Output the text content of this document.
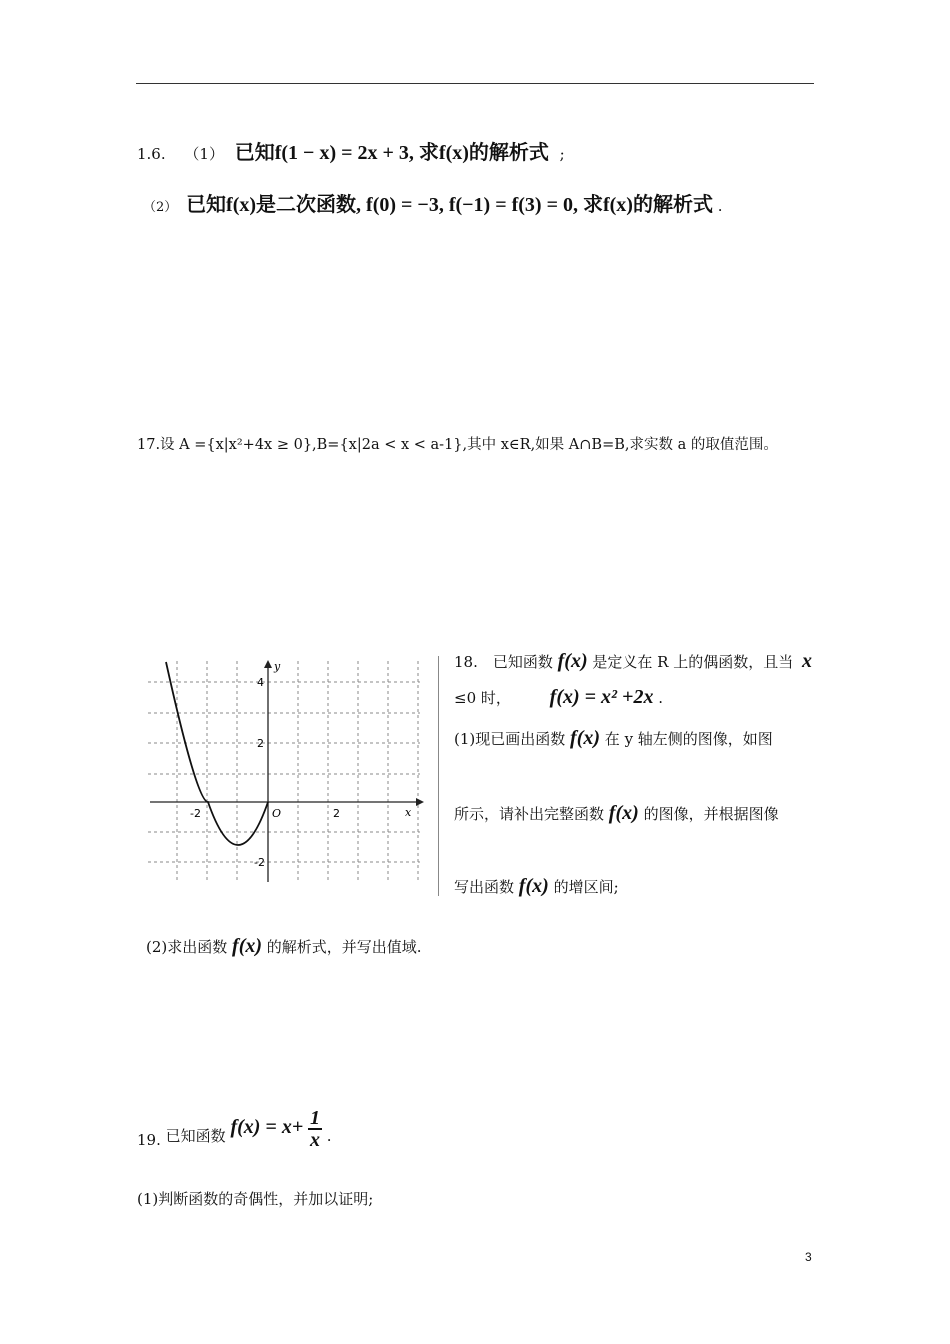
1.6. （1） 已知f(1 − x) = 2x + 3, 求f(x)的解析式 ;
（2） 已知f(x)是二次函数, f(0) = −3, f(−1) = f(3) = 0, 求f(x)的解析式 .
17.设 A ={x|x²+4x ≥ 0},B={x|2a < x < a-1},其中 x∈R,如果 A∩B=B,求实数 a 的取值范围。
y
x
O
-2	2
4
2
-2
18.　已知函数 f(x) 是定义在 R 上的偶函数，且当 x
≤0 时， f(x) = x² +2x .
(1)现已画出函数 f(x) 在 y 轴左侧的图像，如图
所示，请补出完整函数 f(x) 的图像，并根据图像
写出函数 f(x) 的增区间;
(2)求出函数 f(x) 的解析式，并写出值域.
19. 已知函数 $f(x) = x+ \frac{1}{x}$ .
(1)判断函数的奇偶性，并加以证明;
3
